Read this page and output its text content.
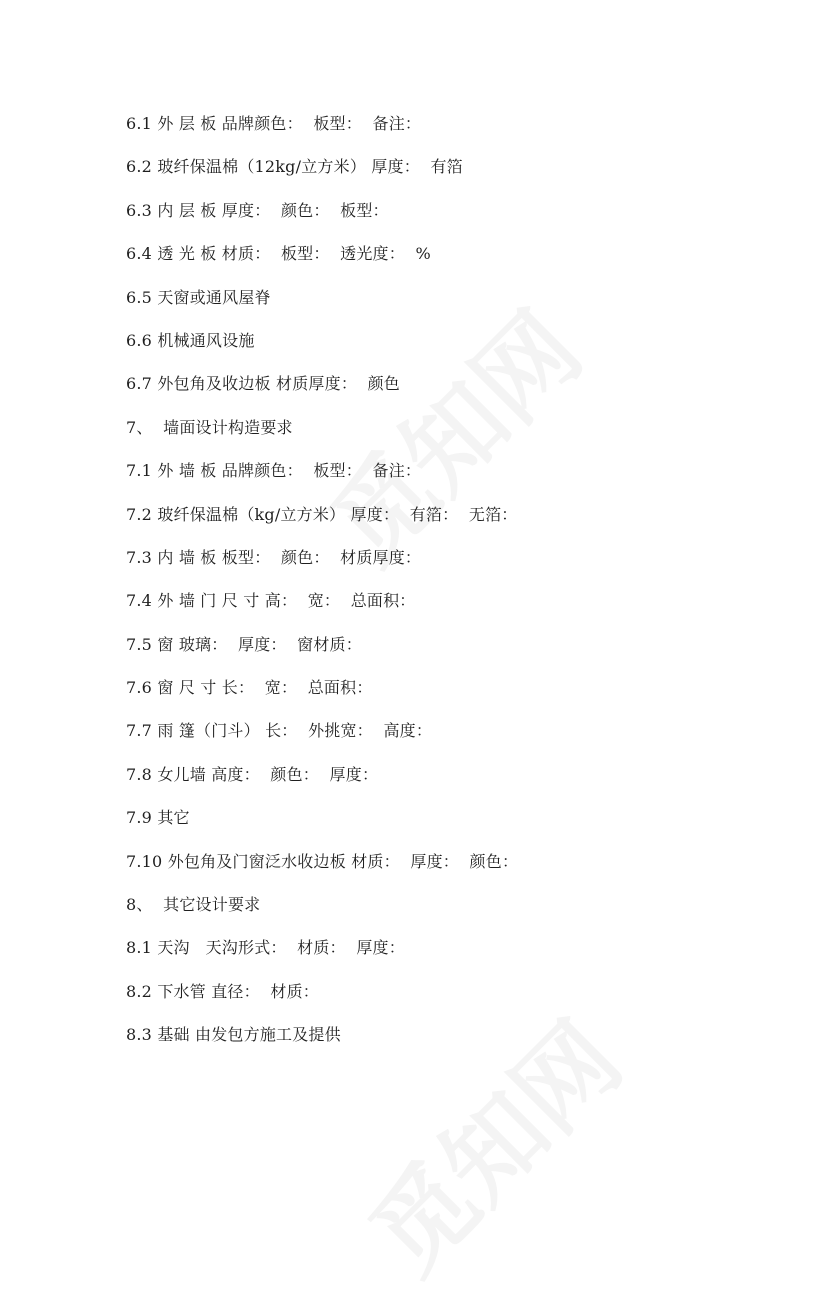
6.1 外 层 板 品牌颜色：  板型：  备注：
6.2 玻纤保温棉（12kg/立方米） 厚度：  有箔
6.3 内 层 板 厚度：  颜色：  板型：
6.4 透 光 板 材质：  板型：  透光度：  %
6.5 天窗或通风屋脊
6.6 机械通风设施
6.7 外包角及收边板 材质厚度：  颜色
7、  墙面设计构造要求
7.1 外 墙 板 品牌颜色：  板型：  备注：
7.2 玻纤保温棉（kg/立方米） 厚度：  有箔：  无箔：
7.3 内 墙 板 板型：  颜色：  材质厚度：
7.4 外 墙 门 尺 寸 高：  宽：  总面积：
7.5 窗 玻璃：  厚度：  窗材质：
7.6 窗 尺 寸 长：  宽：  总面积：
7.7 雨 篷（门斗） 长：  外挑宽：  高度：
7.8 女儿墙 高度：  颜色：  厚度：
7.9 其它
7.10 外包角及门窗泛水收边板 材质：  厚度：  颜色：
8、  其它设计要求
8.1 天沟   天沟形式：  材质：  厚度：
8.2 下水管 直径：  材质：
8.3 基础 由发包方施工及提供
